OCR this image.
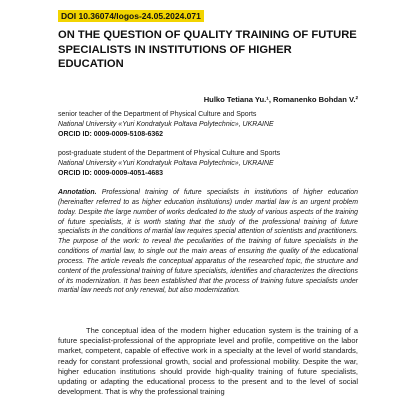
DOI 10.36074/logos-24.05.2024.071
ON THE QUESTION OF QUALITY TRAINING OF FUTURE SPECIALISTS IN INSTITUTIONS OF HIGHER EDUCATION
Hulko Tetiana Yu.¹, Romanenko Bohdan V.²
senior teacher of the Department of Physical Culture and Sports
National University «Yuri Kondratyuk Poltava Polytechnic», UKRAINE
ORCID ID: 0009-0009-5108-6362
post-graduate student of the Department of Physical Culture and Sports
National University «Yuri Kondratyuk Poltava Polytechnic», UKRAINE
ORCID ID: 0009-0009-4051-4683

Annotation. Professional training of future specialists in institutions of higher education (hereinafter referred to as higher education institutions) under martial law is an urgent problem today. Despite the large number of works dedicated to the study of various aspects of the training of future specialists, it is worth stating that the study of the professional training of future specialists in the conditions of martial law requires special attention of scientists and practitioners. The purpose of the work: to reveal the peculiarities of the training of future specialists in the conditions of martial law, to single out the main areas of ensuring the quality of the educational process. The article reveals the conceptual apparatus of the researched topic, the structure and content of the professional training of future specialists, identifies and characterizes the directions of its modernization. It has been established that the process of training future specialists under martial law needs not only renewal, but also modernization.

The conceptual idea of the modern higher education system is the training of a future specialist-professional of the appropriate level and profile, competitive on the labor market, competent, capable of effective work in a specialty at the level of world standards, ready for constant professional growth, social and professional mobility. Despite the war, higher education institutions should provide high-quality training of future specialists, updating or adapting the educational process to the present and to the level of social development. That is why the professional training
